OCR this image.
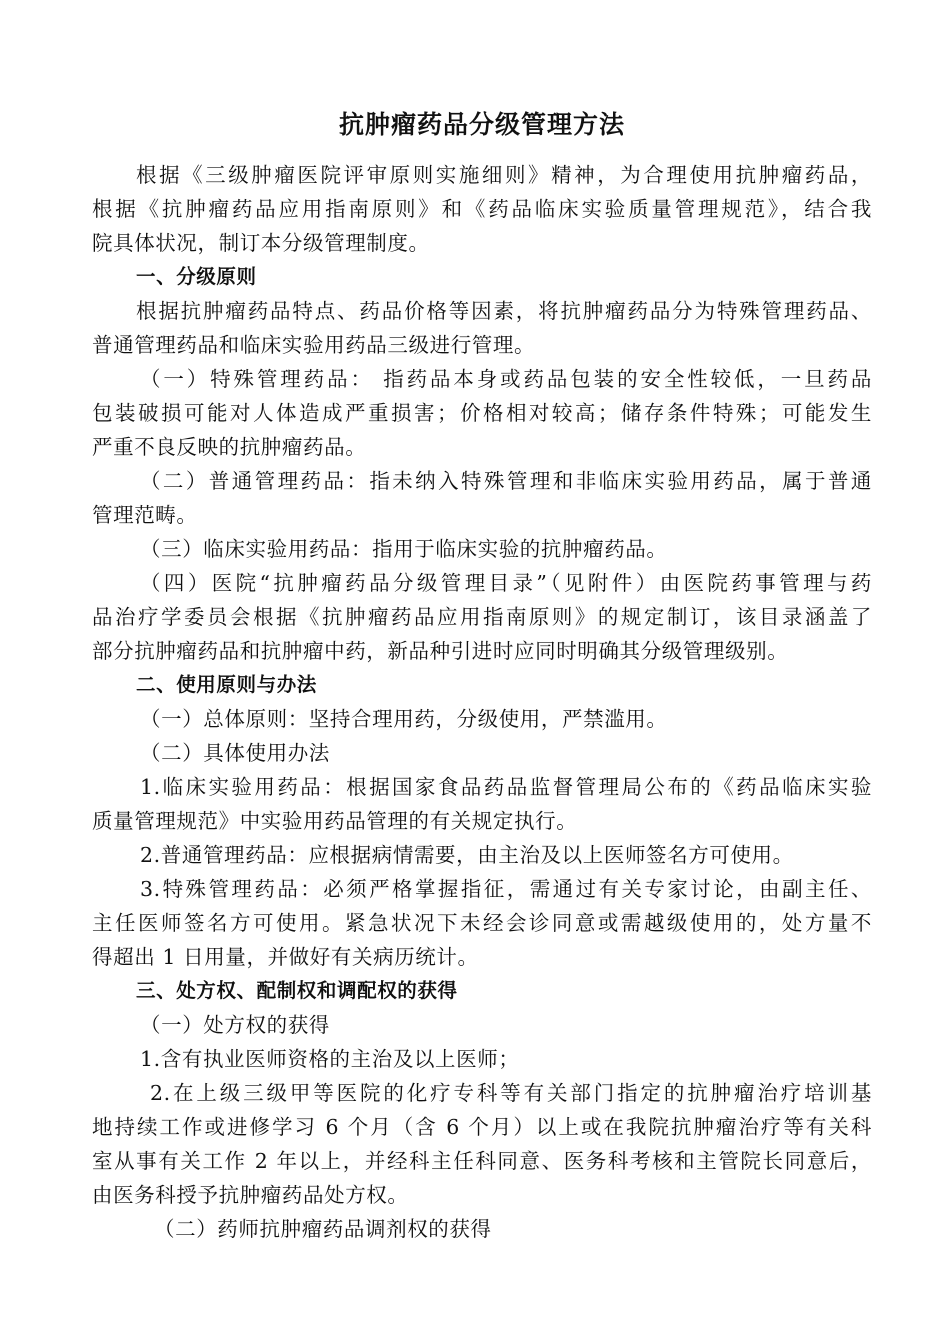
抗肿瘤药品分级管理方法
根据《三级肿瘤医院评审原则实施细则》精神，为合理使用抗肿瘤药品，
根据《抗肿瘤药品应用指南原则》和《药品临床实验质量管理规范》，结合我
院具体状况，制订本分级管理制度。
一、分级原则
根据抗肿瘤药品特点、药品价格等因素，将抗肿瘤药品分为特殊管理药品、
普通管理药品和临床实验用药品三级进行管理。
（一）特殊管理药品： 指药品本身或药品包装的安全性较低，一旦药品
包装破损可能对人体造成严重损害；价格相对较高；储存条件特殊；可能发生
严重不良反映的抗肿瘤药品。
（二）普通管理药品：指未纳入特殊管理和非临床实验用药品，属于普通
管理范畴。
（三）临床实验用药品：指用于临床实验的抗肿瘤药品。
（四）医院“抗肿瘤药品分级管理目录”（见附件）由医院药事管理与药
品治疗学委员会根据《抗肿瘤药品应用指南原则》的规定制订，该目录涵盖了
部分抗肿瘤药品和抗肿瘤中药，新品种引进时应同时明确其分级管理级别。
二、使用原则与办法
（一）总体原则：坚持合理用药，分级使用，严禁滥用。
（二）具体使用办法
1.临床实验用药品：根据国家食品药品监督管理局公布的《药品临床实验
质量管理规范》中实验用药品管理的有关规定执行。
2.普通管理药品：应根据病情需要，由主治及以上医师签名方可使用。
3.特殊管理药品：必须严格掌握指征，需通过有关专家讨论，由副主任、
主任医师签名方可使用。紧急状况下未经会诊同意或需越级使用的，处方量不
得超出 1 日用量，并做好有关病历统计。
三、处方权、配制权和调配权的获得
（一）处方权的获得
1.含有执业医师资格的主治及以上医师；
2.在上级三级甲等医院的化疗专科等有关部门指定的抗肿瘤治疗培训基
地持续工作或进修学习 6 个月（含 6 个月）以上或在我院抗肿瘤治疗等有关科
室从事有关工作 2 年以上，并经科主任科同意、医务科考核和主管院长同意后，
由医务科授予抗肿瘤药品处方权。
（二）药师抗肿瘤药品调剂权的获得
